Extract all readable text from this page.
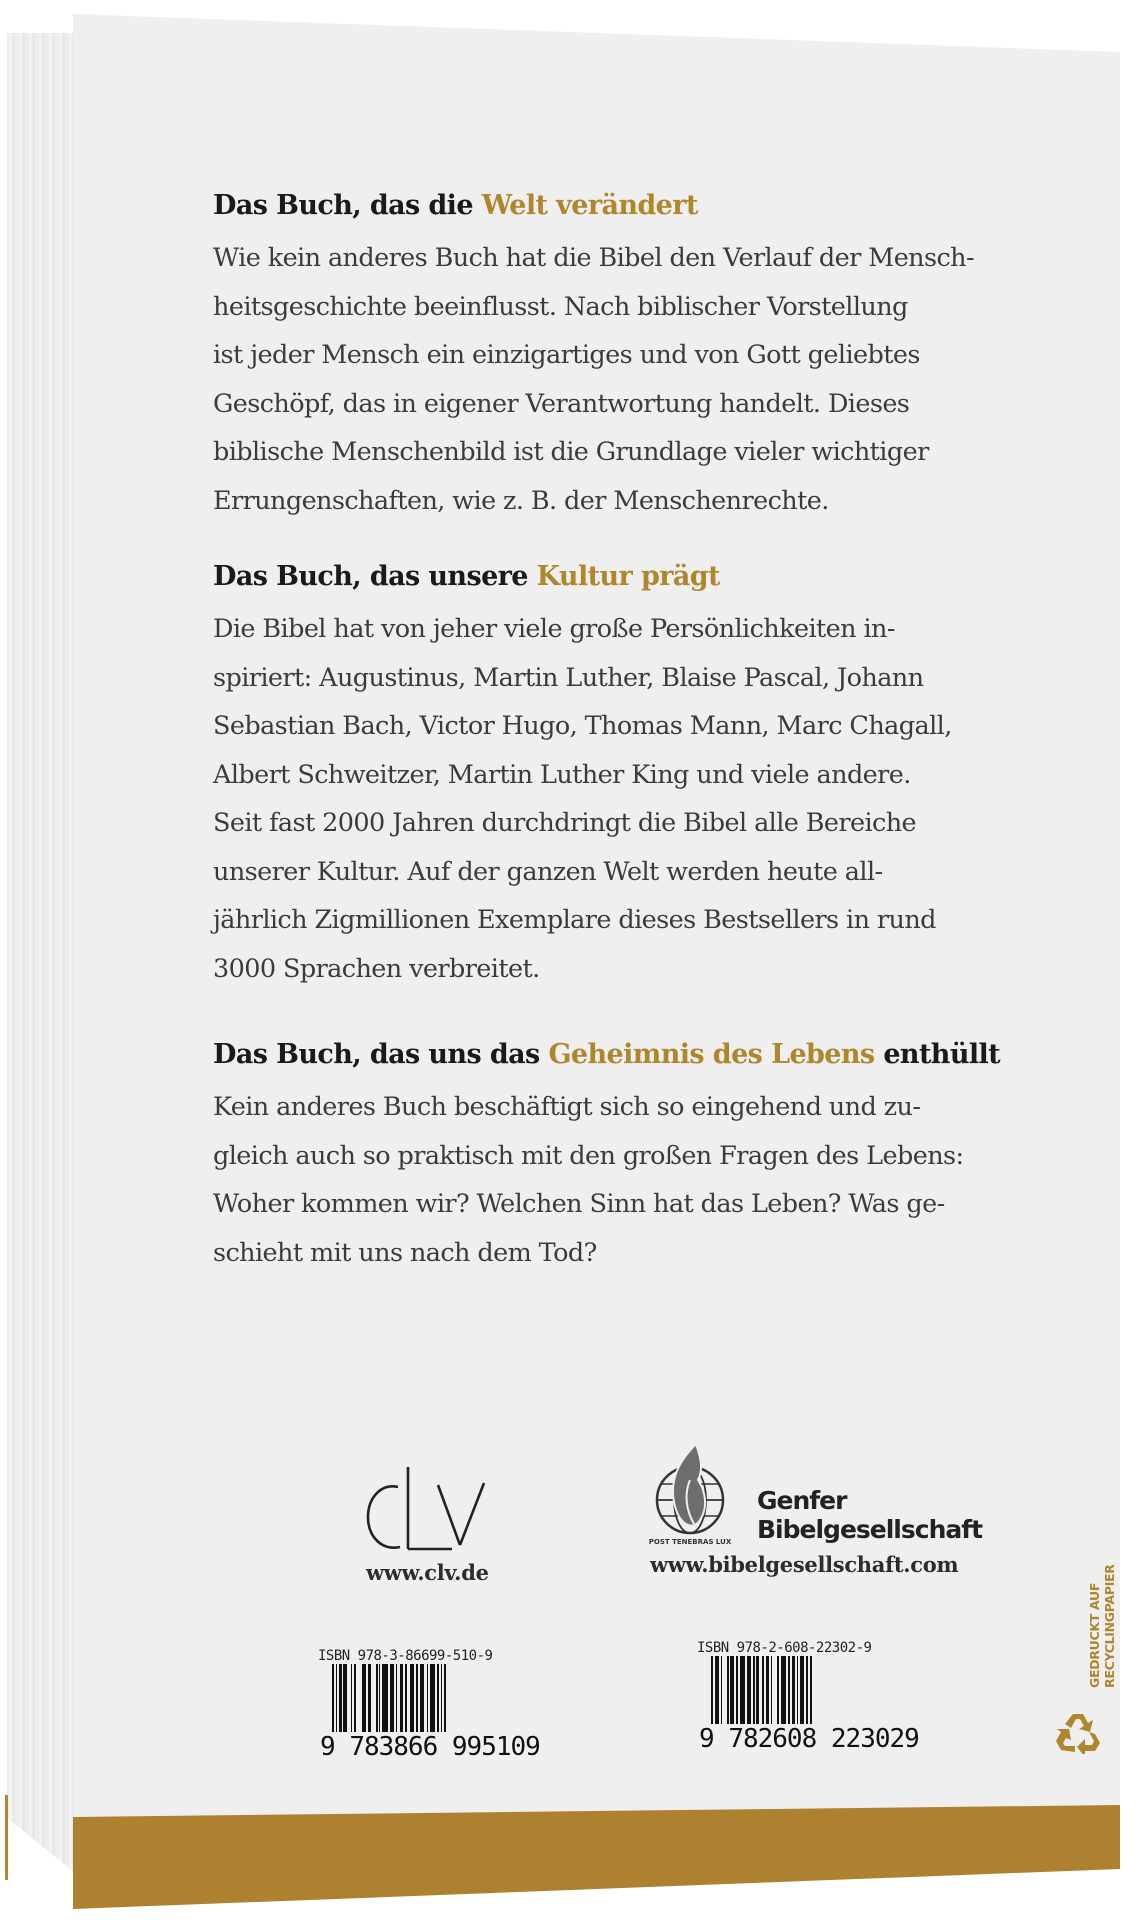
Das Buch, das die Welt verändert
Wie kein anderes Buch hat die Bibel den Verlauf der Mensch-
heitsgeschichte beeinflusst. Nach biblischer Vorstellung
ist jeder Mensch ein einzigartiges und von Gott geliebtes
Geschöpf, das in eigener Verantwortung handelt. Dieses
biblische Menschenbild ist die Grundlage vieler wichtiger
Errungenschaften, wie z. B. der Menschenrechte.
Das Buch, das unsere Kultur prägt
Die Bibel hat von jeher viele große Persönlichkeiten in-
spiriert: Augustinus, Martin Luther, Blaise Pascal, Johann
Sebastian Bach, Victor Hugo, Thomas Mann, Marc Chagall,
Albert Schweitzer, Martin Luther King und viele andere.
Seit fast 2000 Jahren durchdringt die Bibel alle Bereiche
unserer Kultur. Auf der ganzen Welt werden heute all-
jährlich Zigmillionen Exemplare dieses Bestsellers in rund
3000 Sprachen verbreitet.
Das Buch, das uns das Geheimnis des Lebens enthüllt
Kein anderes Buch beschäftigt sich so eingehend und zu-
gleich auch so praktisch mit den großen Fragen des Lebens:
Woher kommen wir? Welchen Sinn hat das Leben? Was ge-
schieht mit uns nach dem Tod?
www.clv.de
POST TENEBRAS LUX
Genfer
Bibelgesellschaft
www.bibelgesellschaft.com
ISBN 978-3-86699-510-9
9 783866 995109
ISBN 978-2-608-22302-9
9 782608 223029
GEDRUCKT AUF RECYCLINGPAPIER
